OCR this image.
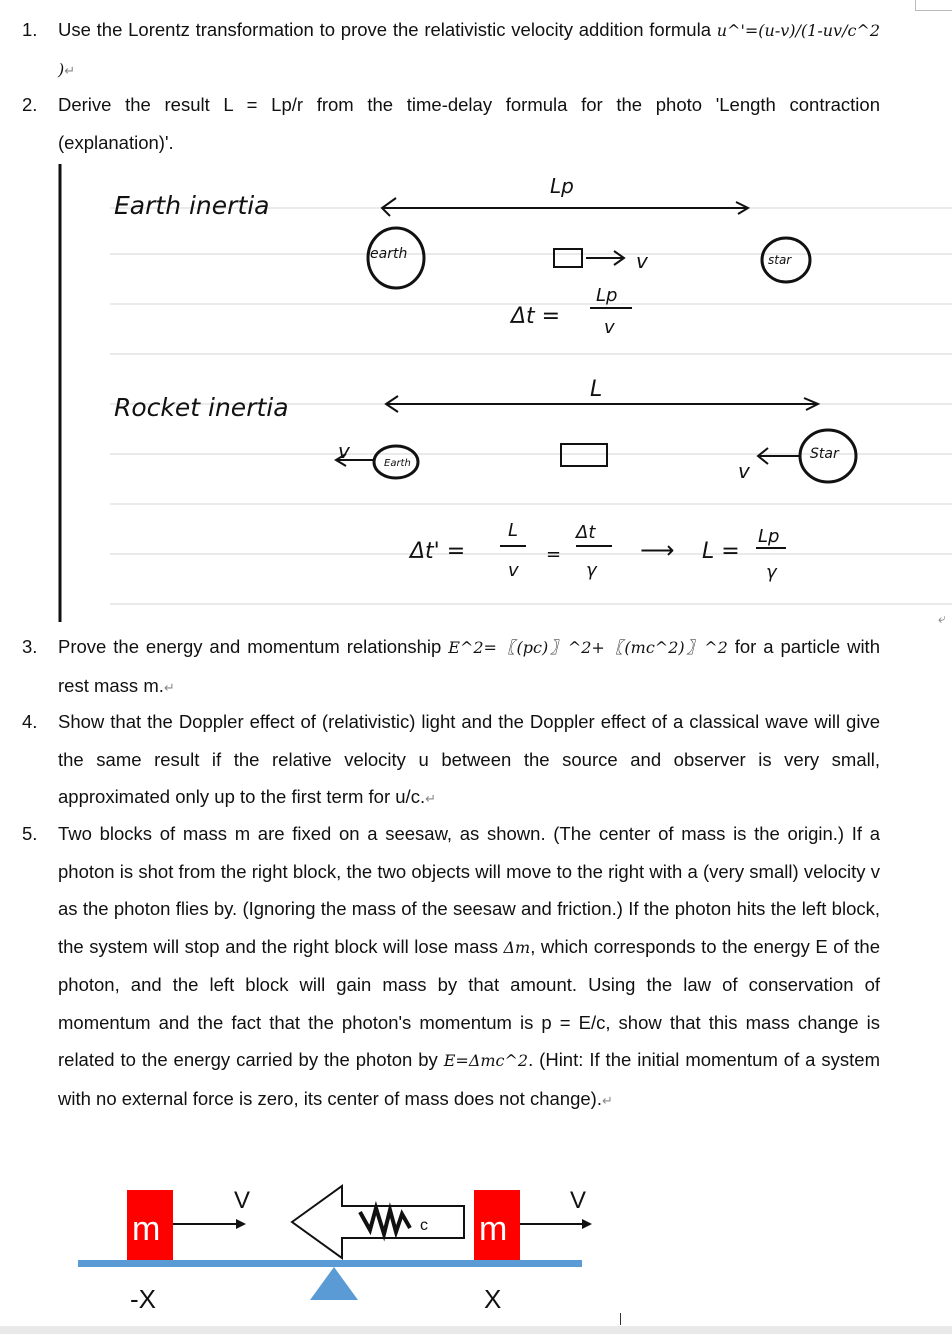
1.	Use the Lorentz transformation to prove the relativistic velocity addition formula u^'=(u-v)/(1-uv/c^2 )↵
2.	Derive the result L = Lp/r from the time-delay formula for the photo 'Length contraction (explanation)'.
Earth inertia
Lp
Δt =
Lp
v
v
Rocket inertia
L
v
v
Δt' =
L
v
=
Δt
γ
⟶ L =
Lp
γ
earth	star
Earth
Star
⤶
3.	Prove the energy and momentum relationship E^2=〖(pc)〗^2+〖(mc^2)〗^2 for a particle with rest mass m.↵
4.	Show that the Doppler effect of (relativistic) light and the Doppler effect of a classical wave will give the same result if the relative velocity u between the source and observer is very small, approximated only up to the first term for u/c.↵
5.	Two blocks of mass m are fixed on a seesaw, as shown. (The center of mass is the origin.) If a photon is shot from the right block, the two objects will move to the right with a (very small) velocity v as the photon flies by. (Ignoring the mass of the seesaw and friction.) If the photon hits the left block, the system will stop and the right block will lose mass Δm, which corresponds to the energy E of the photon, and the left block will gain mass by that amount. Using the law of conservation of momentum and the fact that the photon's momentum is p = E/c, show that this mass change is related to the energy carried by the photon by E=Δmc^2. (Hint: If the initial momentum of a system with no external force is zero, its center of mass does not change).↵
m	m
V	V
c
-X	X
